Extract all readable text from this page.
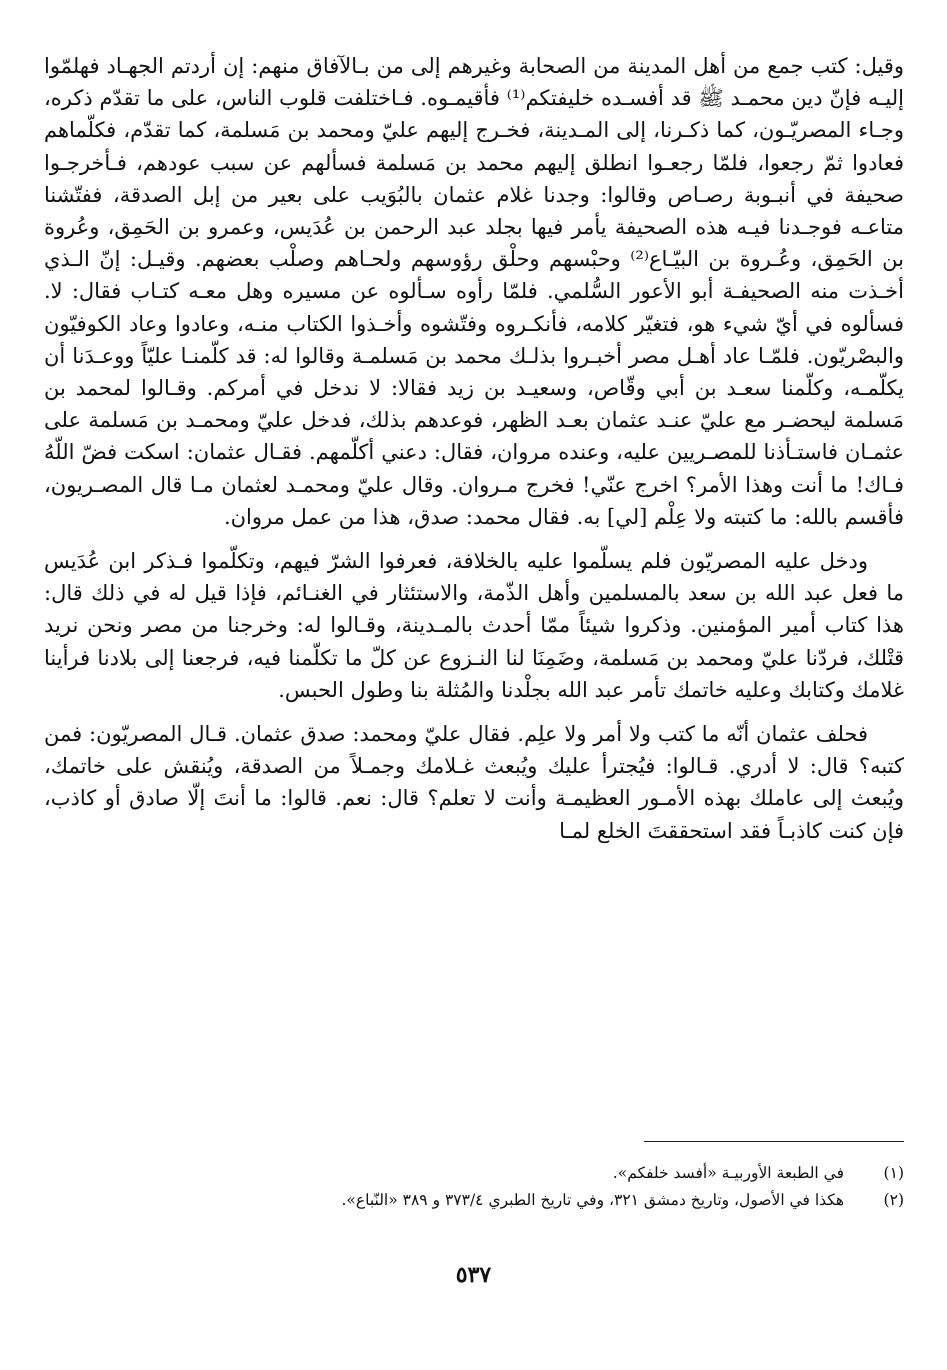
وقيل: كتب جمع من أهل المدينة من الصحابة وغيرهم إلى من بـالآفاق منهم: إن أردتم الجهـاد فهلمّوا إليـه فإنّ دين محمـد ﷺ قد أفسـده خليفتكم⁽¹⁾ فأقيمـوه. فـاختلفت قلوب الناس، على ما تقدّم ذكره، وجـاء المصريّـون، كما ذكـرنا، إلى المـدينة، فخـرج إليهم عليّ ومحمد بن مَسلمة، كما تقدّم، فكلّماهم فعادوا ثمّ رجعوا، فلمّا رجعـوا انطلق إليهم محمد بن مَسلمة فسألهم عن سبب عودهم، فـأخرجـوا صحيفة في أنبـوبة رصـاص وقالوا: وجدنا غلام عثمان بالبُوَيب على بعير من إبل الصدقة، ففتّشنا متاعـه فوجـدنا فيـه هذه الصحيفة يأمر فيها بجلد عبد الرحمن بن عُدَيس، وعمرو بن الحَمِق، وعُروة بن الحَمِق، وعُـروة بن البيّـاع⁽²⁾ وحبْسهم وحلْق رؤوسهم ولحـاهم وصلْب بعضهم. وقيـل: إنّ الـذي أخـذت منه الصحيفـة أبو الأعور السُّلمي. فلمّا رأوه سـألوه عن مسيره وهل معـه كتـاب فقال: لا. فسألوه في أيّ شيء هو، فتغيّر كلامه، فأنكـروه وفتّشوه وأخـذوا الكتاب منـه، وعادوا وعاد الكوفيّون والبصْريّون. فلمّـا عاد أهـل مصر أخبـروا بذلـك محمد بن مَسلمـة وقالوا له: قد كلّمنـا عليّاً ووعـدَنا أن يكلّمـه، وكلّمنا سعـد بن أبي وقّاص، وسعيـد بن زيد فقالا: لا ندخل في أمركم. وقـالوا لمحمد بن مَسلمة ليحضـر مع عليّ عنـد عثمان بعـد الظهر، فوعدهم بذلك، فدخل عليّ ومحمـد بن مَسلمة على عثمـان فاستـأذنا للمصـريين عليه، وعنده مروان، فقال: دعني أكلّمهم. فقـال عثمان: اسكت فضّ اللّهُ فـاك! ما أنت وهذا الأمر؟ اخرج عنّي! فخرج مـروان. وقال عليّ ومحمـد لعثمان مـا قال المصـريون، فأقسم بالله: ما كتبته ولا عِلْم [لي] به. فقال محمد: صدق، هذا من عمل مروان.

ودخل عليه المصريّون فلم يسلّموا عليه بالخلافة، فعرفوا الشرّ فيهم، وتكلّموا فـذكر ابن عُدَيس ما فعل عبد الله بن سعد بالمسلمين وأهل الذّمة، والاستئثار في الغنـائم، فإذا قيل له في ذلك قال: هذا كتاب أمير المؤمنين. وذكروا شيئاً ممّا أحدث بالمـدينة، وقـالوا له: وخرجنا من مصر ونحن نريد قتْلك، فردّنا عليّ ومحمد بن مَسلمة، وضَمِنَا لنا النـزوع عن كلّ ما تكلّمنا فيه، فرجعنا إلى بلادنا فرأينا غلامك وكتابك وعليه خاتمك تأمر عبد الله بجلْدنا والمُثلة بنا وطول الحبس.

فحلف عثمان أنّه ما كتب ولا أمر ولا علِم. فقال عليّ ومحمد: صدق عثمان. قـال المصريّون: فمن كتبه؟ قال: لا أدري. قـالوا: فيُجترأ عليك ويُبعث غـلامك وجمـلاً من الصدقة، ويُنقش على خاتمك، ويُبعث إلى عاملك بهذه الأمـور العظيمـة وأنت لا تعلم؟ قال: نعم. قالوا: ما أنتَ إلّا صادق أو كاذب، فإن كنت كاذبـاً فقد استحققتَ الخلع لمـا

(١)
في الطبعة الأوربيـة «أفسد خلفكم».
(٢)
هكذا في الأصول، وتاريخ دمشق ٣٢١، وفي تاريخ الطبري ٣٧٣/٤ و ٣٨٩ «النّباع».
٥٣٧
